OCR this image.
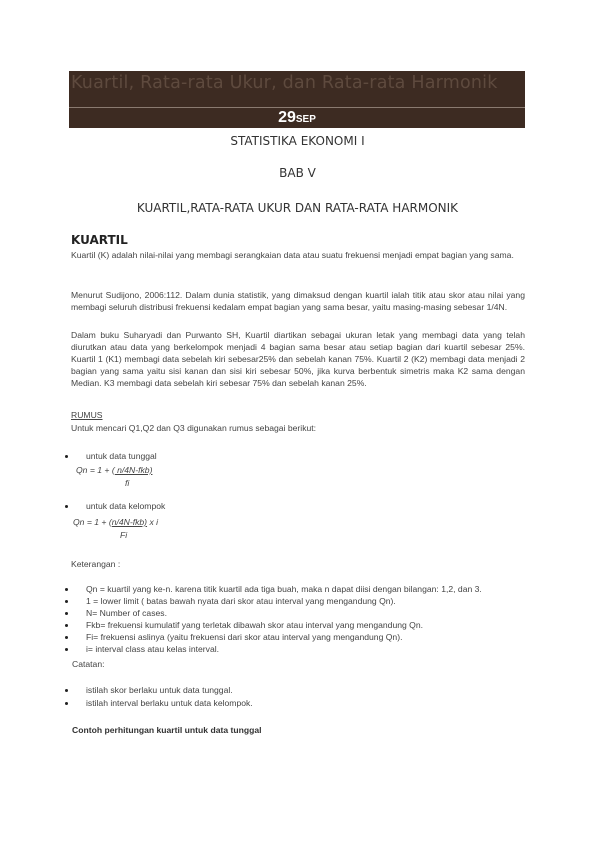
Kuartil, Rata-rata Ukur, dan Rata-rata Harmonik
29SEP
STATISTIKA EKONOMI I
BAB V
KUARTIL,RATA-RATA UKUR DAN RATA-RATA HARMONIK
KUARTIL
Kuartil (K) adalah nilai-nilai yang membagi serangkaian data atau suatu frekuensi menjadi empat bagian yang sama.
Menurut Sudijono, 2006:112. Dalam dunia statistik, yang dimaksud dengan kuartil ialah titik atau skor atau nilai yang membagi seluruh distribusi frekuensi kedalam empat bagian yang sama besar, yaitu masing-masing sebesar 1/4N.
Dalam buku Suharyadi dan Purwanto SH, Kuartil diartikan sebagai ukuran letak yang membagi data yang telah diurutkan atau data yang berkelompok menjadi 4 bagian sama besar atau setiap bagian dari kuartil sebesar 25%. Kuartil 1 (K1) membagi data sebelah kiri sebesar25% dan sebelah kanan 75%. Kuartil 2 (K2) membagi data menjadi 2 bagian yang sama yaitu sisi kanan dan sisi kiri sebesar 50%, jika kurva berbentuk simetris maka K2 sama dengan Median. K3 membagi data sebelah kiri sebesar 75% dan sebelah kanan 25%.
RUMUS
Untuk mencari Q1,Q2 dan Q3 digunakan rumus sebagai berikut:
untuk data tunggal
Qn = 1 + ( n/4N-fkb)
fi
untuk data kelompok
Qn = 1 + (n/4N-fkb) x i
Fi
Keterangan :
Qn = kuartil yang ke-n. karena titik kuartil ada tiga buah, maka n dapat diisi dengan bilangan: 1,2, dan 3.
1 = lower limit ( batas bawah nyata dari skor atau interval yang mengandung Qn).
N= Number of cases.
Fkb= frekuensi kumulatif yang terletak dibawah skor atau interval yang mengandung Qn.
Fi= frekuensi aslinya (yaitu frekuensi dari skor atau interval yang mengandung Qn).
i= interval class atau kelas interval.
Catatan:
istilah skor berlaku untuk data tunggal.
istilah interval berlaku untuk data kelompok.
Contoh perhitungan kuartil untuk data tunggal
